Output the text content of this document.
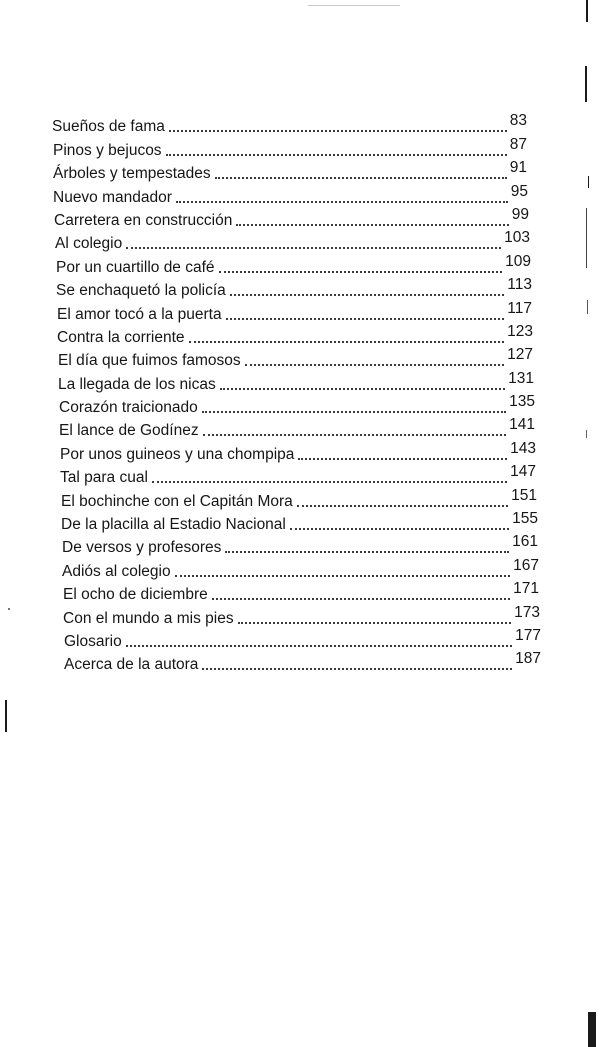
Sueños de fama	83
Pinos y bejucos	87
Árboles y tempestades	91
Nuevo mandador	95
Carretera en construcción	99
Al colegio	103
Por un cuartillo de café	109
Se enchaquetó la policía	113
El amor tocó a la puerta	117
Contra la corriente	123
El día que fuimos famosos	127
La llegada de los nicas	131
Corazón traicionado	135
El lance de Godínez	141
Por unos guineos y una chompipa	143
Tal para cual	147
El bochinche con el Capitán Mora	151
De la placilla al Estadio Nacional	155
De versos y profesores	161
Adiós al colegio	167
El ocho de diciembre	171
Con el mundo a mis pies	173
Glosario	177
Acerca de la autora	187
